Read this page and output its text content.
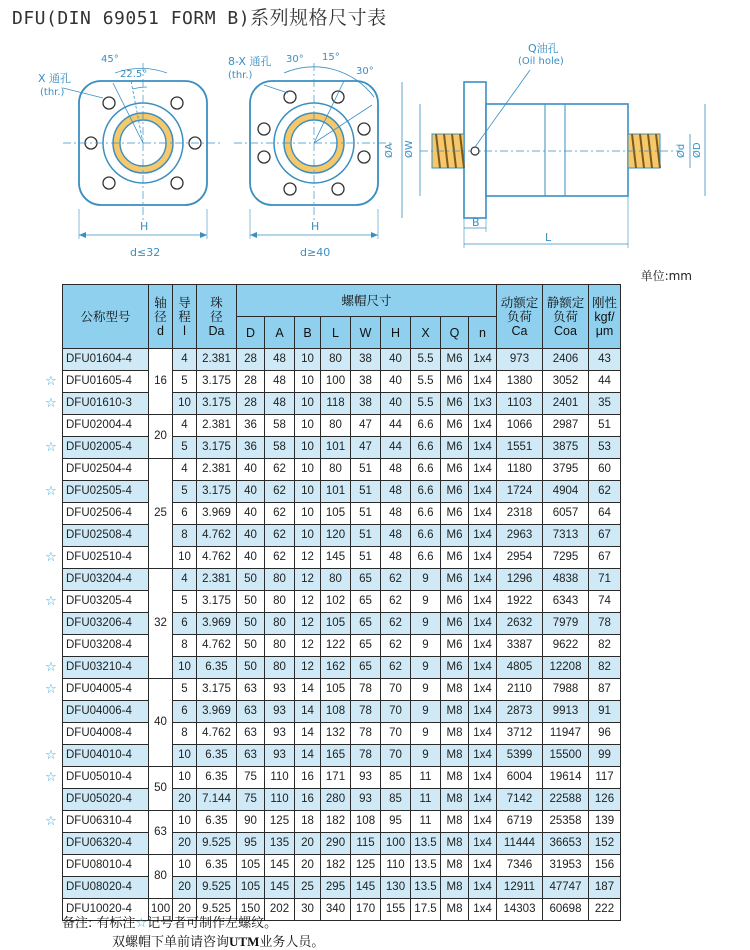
DFU(DIN 69051 FORM B)系列规格尺寸表
X 通孔
(thr.)
45°
22.5°
H
d≤32
8-X 通孔
(thr.)
30° 15°
30°
H
d≥40
Q油孔
(Oil hole)
ØA ØW	Ød ØD
B
L
单位:mm
公称型号	轴
径
d	导
程
l	珠
径
Da	螺帽尺寸									动额定
负荷
Ca	静额定
负荷
Coa	刚性
kgf/
μm
				D	A	B	L	W	H	X	Q	n			
DFU01604-4	16	4	2.381	28	48	10	80	38	40	5.5	M6	1x4	973	2406	43
DFU01605-4		5	3.175	28	48	10	100	38	40	5.5	M6	1x4	1380	3052	44
DFU01610-3		10	3.175	28	48	10	118	38	40	5.5	M6	1x3	1103	2401	35
DFU02004-4	20	4	2.381	36	58	10	80	47	44	6.6	M6	1x4	1066	2987	51
DFU02005-4		5	3.175	36	58	10	101	47	44	6.6	M6	1x4	1551	3875	53
DFU02504-4	25	4	2.381	40	62	10	80	51	48	6.6	M6	1x4	1180	3795	60
DFU02505-4		5	3.175	40	62	10	101	51	48	6.6	M6	1x4	1724	4904	62
DFU02506-4		6	3.969	40	62	10	105	51	48	6.6	M6	1x4	2318	6057	64
DFU02508-4		8	4.762	40	62	10	120	51	48	6.6	M6	1x4	2963	7313	67
DFU02510-4		10	4.762	40	62	12	145	51	48	6.6	M6	1x4	2954	7295	67
DFU03204-4	32	4	2.381	50	80	12	80	65	62	9	M6	1x4	1296	4838	71
DFU03205-4		5	3.175	50	80	12	102	65	62	9	M6	1x4	1922	6343	74
DFU03206-4		6	3.969	50	80	12	105	65	62	9	M6	1x4	2632	7979	78
DFU03208-4		8	4.762	50	80	12	122	65	62	9	M6	1x4	3387	9622	82
DFU03210-4		10	6.35	50	80	12	162	65	62	9	M6	1x4	4805	12208	82
DFU04005-4	40	5	3.175	63	93	14	105	78	70	9	M8	1x4	2110	7988	87
DFU04006-4		6	3.969	63	93	14	108	78	70	9	M8	1x4	2873	9913	91
DFU04008-4		8	4.762	63	93	14	132	78	70	9	M8	1x4	3712	11947	96
DFU04010-4		10	6.35	63	93	14	165	78	70	9	M8	1x4	5399	15500	99
DFU05010-4	50	10	6.35	75	110	16	171	93	85	11	M8	1x4	6004	19614	117
DFU05020-4		20	7.144	75	110	16	280	93	85	11	M8	1x4	7142	22588	126
DFU06310-4	63	10	6.35	90	125	18	182	108	95	11	M8	1x4	6719	25358	139
DFU06320-4		20	9.525	95	135	20	290	115	100	13.5	M8	1x4	11444	36653	152
DFU08010-4	80	10	6.35	105	145	20	182	125	110	13.5	M8	1x4	7346	31953	156
DFU08020-4		20	9.525	105	145	25	295	145	130	13.5	M8	1x4	12911	47747	187
DFU10020-4	100	20	9.525	150	202	30	340	170	155	17.5	M8	1x4	14303	60698	222
☆
☆
☆
☆
☆
☆
☆
☆
☆
☆
☆
备注: 有标注☆记号者可制作左螺纹。
双螺帽下单前请咨询UTM业务人员。
